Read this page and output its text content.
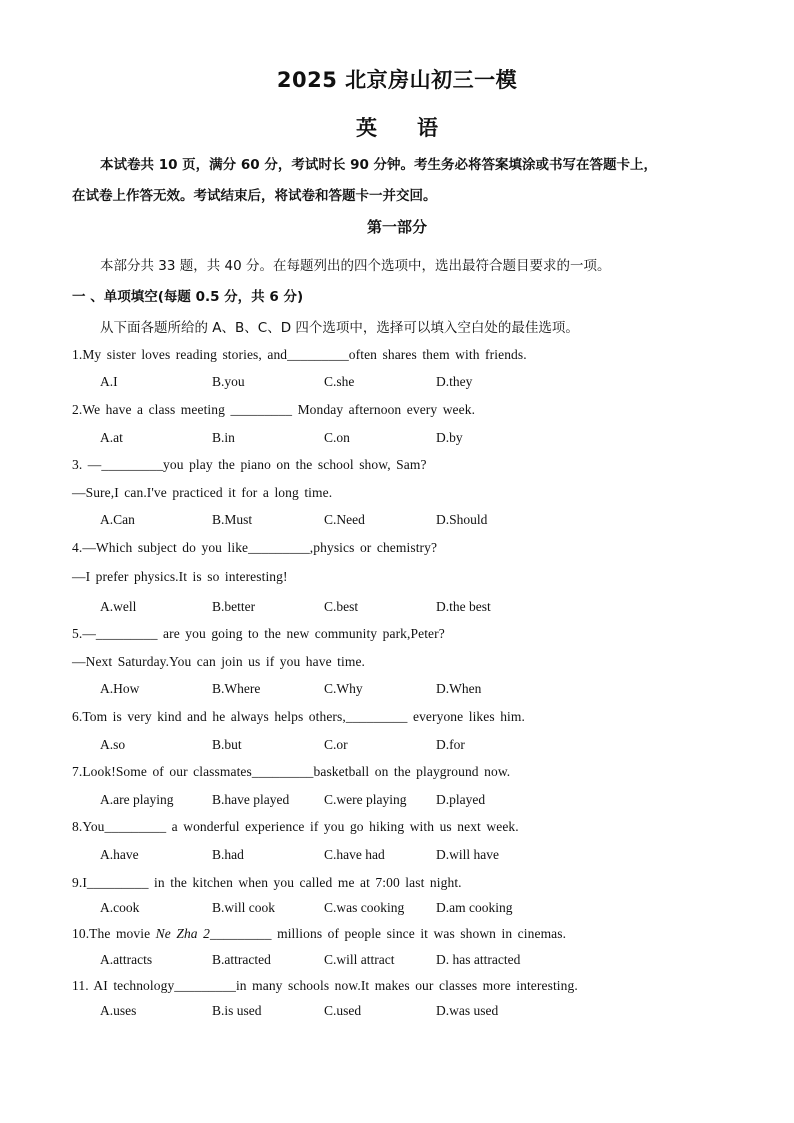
2025 北京房山初三一模
英 语
本试卷共 10 页，满分 60 分，考试时长 90 分钟。考生务必将答案填涂或书写在答题卡上，
在试卷上作答无效。考试结束后，将试卷和答题卡一并交回。
第一部分
本部分共 33 题，共 40 分。在每题列出的四个选项中，选出最符合题目要求的一项。
一 、单项填空(每题 0.5 分，共 6 分)
从下面各题所给的 A、B、C、D 四个选项中，选择可以填入空白处的最佳选项。
1.My sister loves reading stories, and_________often shares them with friends.
A.I	B.you	C.she	D.they
2.We have a class meeting _________ Monday afternoon every week.
A.at	B.in	C.on	D.by
3. —_________you play the piano on the school show, Sam?
—Sure,I can.I've practiced it for a long time.
A.Can	B.Must	C.Need	D.Should
4.—Which subject do you like_________,physics or chemistry?
—I prefer physics.It is so interesting!
A.well	B.better	C.best	D.the best
5.—_________ are you going to the new community park,Peter?
—Next Saturday.You can join us if you have time.
A.How	B.Where	C.Why	D.When
6.Tom is very kind and he always helps others,_________ everyone likes him.
A.so	B.but	C.or	D.for
7.Look!Some of our classmates_________basketball on the playground now.
A.are playing	B.have played	C.were playing D.played
8.You_________ a wonderful experience if you go hiking with us next week.
A.have	B.had	C.have had	D.will have
9.I_________ in the kitchen when you called me at 7:00 last night.
A.cook	B.will cook	C.was cooking D.am cooking
10.The movie Ne Zha 2_________ millions of people since it was shown in cinemas.
A.attracts	B.attracted	C.will attract	D. has attracted
11. AI technology_________in many schools now.It makes our classes more interesting.
A.uses	B.is used	C.used	D.was used
